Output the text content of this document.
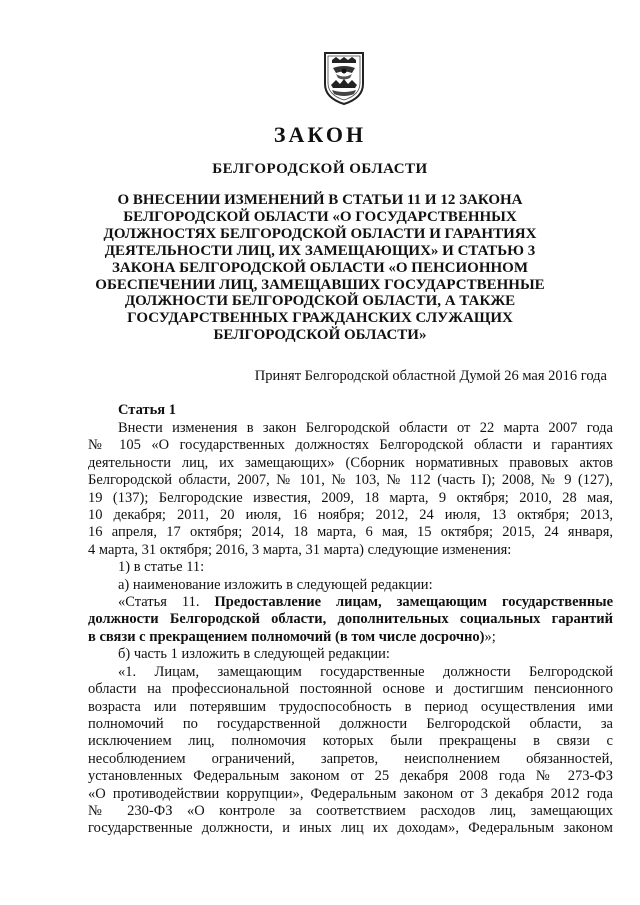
ЗАКОН
БЕЛГОРОДСКОЙ ОБЛАСТИ
О ВНЕСЕНИИ ИЗМЕНЕНИЙ В СТАТЬИ 11 И 12 ЗАКОНА
БЕЛГОРОДСКОЙ ОБЛАСТИ «О ГОСУДАРСТВЕННЫХ
ДОЛЖНОСТЯХ БЕЛГОРОДСКОЙ ОБЛАСТИ И ГАРАНТИЯХ
ДЕЯТЕЛЬНОСТИ ЛИЦ, ИХ ЗАМЕЩАЮЩИХ» И СТАТЬЮ 3
ЗАКОНА БЕЛГОРОДСКОЙ ОБЛАСТИ «О ПЕНСИОННОМ
ОБЕСПЕЧЕНИИ ЛИЦ, ЗАМЕЩАВШИХ ГОСУДАРСТВЕННЫЕ
ДОЛЖНОСТИ БЕЛГОРОДСКОЙ ОБЛАСТИ, А ТАКЖЕ
ГОСУДАРСТВЕННЫХ ГРАЖДАНСКИХ СЛУЖАЩИХ
БЕЛГОРОДСКОЙ ОБЛАСТИ»
Принят Белгородской областной Думой 26 мая 2016 года
Статья 1
Внести изменения в закон Белгородской области от 22 марта 2007 года
№ 105 «О государственных должностях Белгородской области и гарантиях
деятельности лиц, их замещающих» (Сборник нормативных правовых актов
Белгородской области, 2007, № 101, № 103, № 112 (часть I); 2008, № 9 (127),
19 (137); Белгородские известия, 2009, 18 марта, 9 октября; 2010, 28 мая,
10 декабря; 2011, 20 июля, 16 ноября; 2012, 24 июля, 13 октября; 2013,
16 апреля, 17 октября; 2014, 18 марта, 6 мая, 15 октября; 2015, 24 января,
4 марта, 31 октября; 2016, 3 марта, 31 марта) следующие изменения:
1) в статье 11:
а) наименование изложить в следующей редакции:
«Статья 11. Предоставление лицам, замещающим государственные
должности Белгородской области, дополнительных социальных гарантий
в связи с прекращением полномочий (в том числе досрочно)»;
б) часть 1 изложить в следующей редакции:
«1. Лицам, замещающим государственные должности Белгородской
области на профессиональной постоянной основе и достигшим пенсионного
возраста или потерявшим трудоспособность в период осуществления ими
полномочий по государственной должности Белгородской области, за
исключением лиц, полномочия которых были прекращены в связи с
несоблюдением ограничений, запретов, неисполнением обязанностей,
установленных Федеральным законом от 25 декабря 2008 года № 273-ФЗ
«О противодействии коррупции», Федеральным законом от 3 декабря 2012 года
№ 230-ФЗ «О контроле за соответствием расходов лиц, замещающих
государственные должности, и иных лиц их доходам», Федеральным законом
